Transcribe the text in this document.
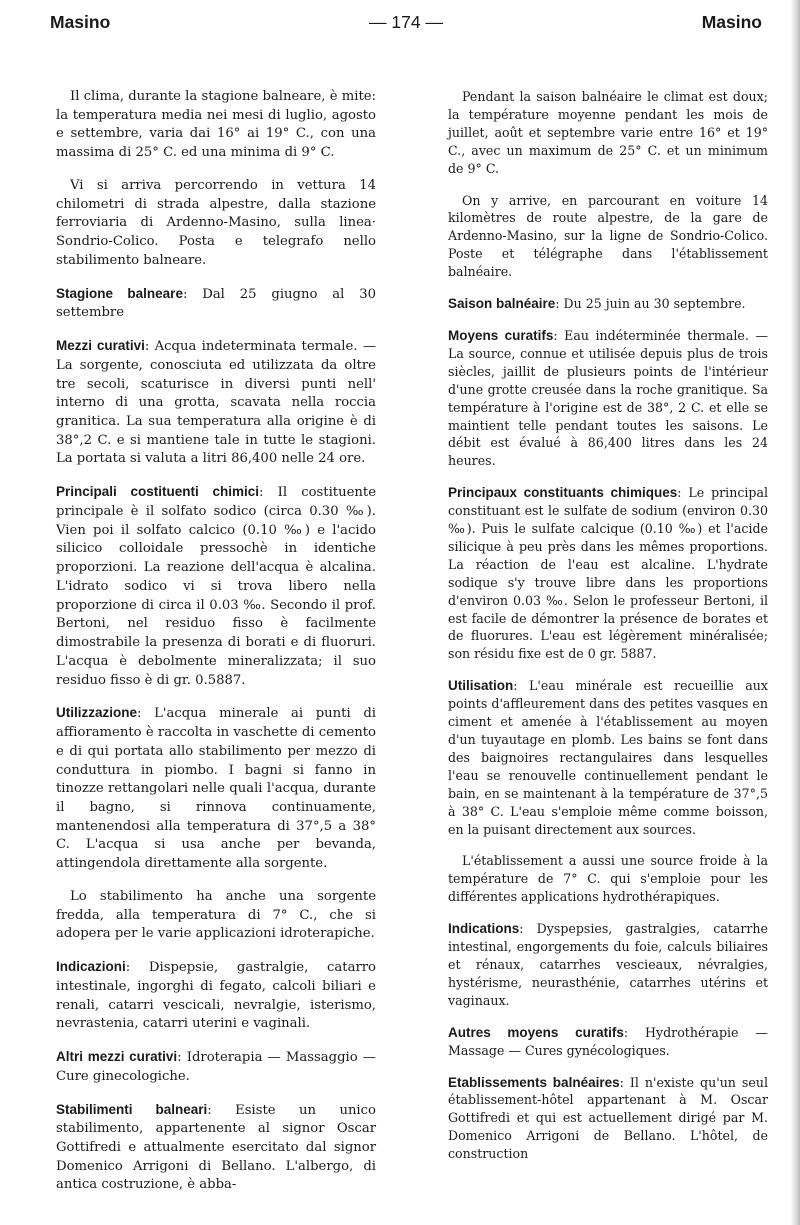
Masino	— 174 —	Masino

Il clima, durante la stagione balneare, è mite: la temperatura media nei mesi di luglio, agosto e settembre, varia dai 16° ai 19° C., con una massima di 25° C. ed una minima di 9° C.

Vi si arriva percorrendo in vettura 14 chilometri di strada alpestre, dalla stazione ferroviaria di Ardenno-Masino, sulla linea· Sondrio-Colico. Posta e telegrafo nello stabilimento balneare.

Stagione balneare: Dal 25 giugno al 30 settembre

Mezzi curativi: Acqua indeterminata termale. — La sorgente, conosciuta ed utilizzata da oltre tre secoli, scaturisce in diversi punti nell' interno di una grotta, scavata nella roccia granitica. La sua temperatura alla origine è di 38°,2 C. e si mantiene tale in tutte le stagioni. La portata si valuta a litri 86,400 nelle 24 ore.

Principali costituenti chimici: Il costituente principale è il solfato sodico (circa 0.30 ‰). Vien poi il solfato calcico (0.10 ‰) e l'acido silicico colloidale pressochè in identiche proporzioni. La reazione dell'acqua è alcalina. L'idrato sodico vi si trova libero nella proporzione di circa il 0.03 ‰. Secondo il prof. Bertoni, nel residuo fisso è facilmente dimostrabile la presenza di borati e di fluoruri. L'acqua è debolmente mineralizzata; il suo residuo fisso è di gr. 0.5887.

Utilizzazione: L'acqua minerale ai punti di affioramento è raccolta in vaschette di cemento e di qui portata allo stabilimento per mezzo di conduttura in piombo. I bagni si fanno in tinozze rettangolari nelle quali l'acqua, durante il bagno, si rinnova continuamente, mantenendosi alla temperatura di 37°,5 a 38° C. L'acqua si usa anche per bevanda, attingendola direttamente alla sorgente.

Lo stabilimento ha anche una sorgente fredda, alla temperatura di 7° C., che si adopera per le varie applicazioni idroterapiche.

Indicazioni: Dispepsie, gastralgie, catarro intestinale, ingorghi di fegato, calcoli biliari e renali, catarri vescicali, nevralgie, isterismo, nevrastenia, catarri uterini e vaginali.

Altri mezzi curativi: Idroterapia — Massaggio — Cure ginecologiche.

Stabilimenti balneari: Esiste un unico stabilimento, appartenente al signor Oscar Gottifredi e attualmente esercitato dal signor Domenico Arrigoni di Bellano. L'albergo, di antica costruzione, è abba-

Pendant la saison balnéaire le climat est doux; la température moyenne pendant les mois de juillet, août et septembre varie entre 16° et 19° C., avec un maximum de 25° C. et un minimum de 9° C.

On y arrive, en parcourant en voiture 14 kilomètres de route alpestre, de la gare de Ardenno-Masino, sur la ligne de Sondrio-Colico. Poste et télégraphe dans l'établissement balnéaire.

Saison balnéaire: Du 25 juin au 30 septembre.

Moyens curatifs: Eau indéterminée thermale. — La source, connue et utilisée depuis plus de trois siècles, jaillit de plusieurs points de l'intérieur d'une grotte creusée dans la roche granitique. Sa température à l'origine est de 38°, 2 C. et elle se maintient telle pendant toutes les saisons. Le débit est évalué à 86,400 litres dans les 24 heures.

Principaux constituants chimiques: Le principal constituant est le sulfate de sodium (environ 0.30 ‰). Puis le sulfate calcique (0.10 ‰) et l'acide silicique à peu près dans les mêmes proportions. La réaction de l'eau est alcaline. L'hydrate sodique s'y trouve libre dans les proportions d'environ 0.03 ‰. Selon le professeur Bertoni, il est facile de démontrer la présence de borates et de fluorures. L'eau est légèrement minéralisée; son résidu fixe est de 0 gr. 5887.

Utilisation: L'eau minérale est recueillie aux points d'affleurement dans des petites vasques en ciment et amenée à l'établissement au moyen d'un tuyautage en plomb. Les bains se font dans des baignoires rectangulaires dans lesquelles l'eau se renouvelle continuellement pendant le bain, en se maintenant à la température de 37°,5 à 38° C. L'eau s'emploie même comme boisson, en la puisant directement aux sources.

L'établissement a aussi une source froide à la température de 7° C. qui s'emploie pour les différentes applications hydrothérapiques.

Indications: Dyspepsies, gastralgies, catarrhe intestinal, engorgements du foie, calculs biliaires et rénaux, catarrhes vescieaux, névralgies, hystérisme, neurasthénie, catarrhes utérins et vaginaux.

Autres moyens curatifs: Hydrothérapie — Massage — Cures gynécologiques.

Etablissements balnéaires: Il n'existe qu'un seul établissement-hôtel appartenant à M. Oscar Gottifredi et qui est actuellement dirigé par M. Domenico Arrigoni de Bellano. L'hôtel, de construction
